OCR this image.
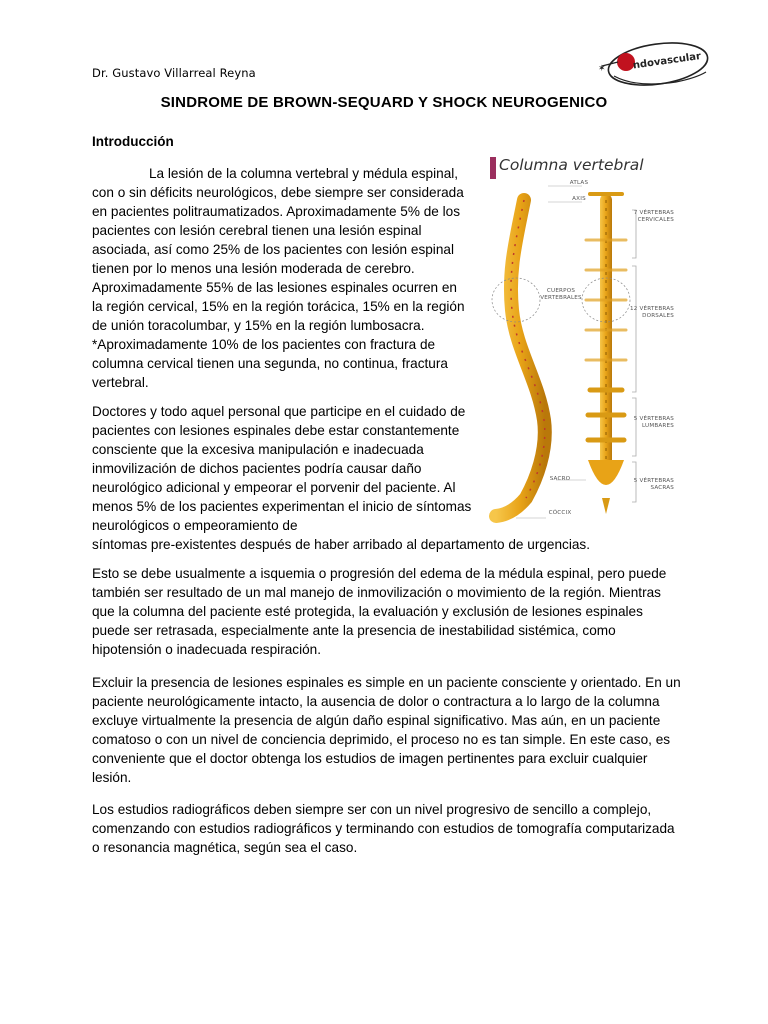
Dr. Gustavo Villarreal Reyna	✶	ndovascular
SINDROME DE BROWN-SEQUARD Y SHOCK NEUROGENICO
Introducción

La lesión de la columna vertebral y médula espinal, con o sin déficits neurológicos, debe siempre ser considerada en pacientes politraumatizados. Aproximadamente 5% de los pacientes con lesión cerebral tienen una lesión espinal asociada, así como 25% de los pacientes con lesión espinal tienen por lo menos una lesión moderada de cerebro. Aproximadamente 55% de las lesiones espinales ocurren en la región cervical, 15% en la región torácica, 15% en la región de unión toracolumbar, y 15% en la región lumbosacra. *Aproximadamente 10% de los pacientes con fractura de columna cervical tienen una segunda, no continua, fractura vertebral.

Doctores y todo aquel personal que participe en el cuidado de pacientes con lesiones espinales debe estar constantemente consciente que la excesiva manipulación e inadecuada inmovilización de dichos pacientes podría causar daño neurológico adicional y empeorar el porvenir del paciente. Al menos 5% de los pacientes experimentan el inicio de síntomas neurológicos o empeoramiento de

síntomas pre-existentes después de haber arribado al departamento de urgencias.

Esto se debe usualmente a isquemia o progresión del edema de la médula espinal, pero puede también ser resultado de un mal manejo de inmovilización o movimiento de la región. Mientras que la columna del paciente esté protegida, la evaluación y exclusión de lesiones espinales puede ser retrasada, especialmente ante la presencia de inestabilidad sistémica, como hipotensión o inadecuada respiración.

Excluir la presencia de lesiones espinales es simple en un paciente consciente y orientado. En un paciente neurológicamente intacto, la ausencia de dolor o contractura a lo largo de la columna excluye virtualmente la presencia de algún daño espinal significativo. Mas aún, en un paciente comatoso o con un nivel de conciencia deprimido, el proceso no es tan simple. En este caso, es conveniente que el doctor obtenga los estudios de imagen pertinentes para excluir cualquier lesión.

Los estudios radiográficos deben siempre ser con un nivel progresivo de sencillo a complejo, comenzando con estudios radiográficos y terminando con estudios de tomografía computarizada o resonancia magnética, según sea el caso.

Columna vertebral
ATLAS
AXIS
CUERPOS VERTEBRALES
SACRO
CÓCCIX
7 VÉRTEBRAS CERVICALES
12 VÉRTEBRAS DORSALES
5 VÉRTEBRAS LUMBARES
5 VÉRTEBRAS SACRAS
